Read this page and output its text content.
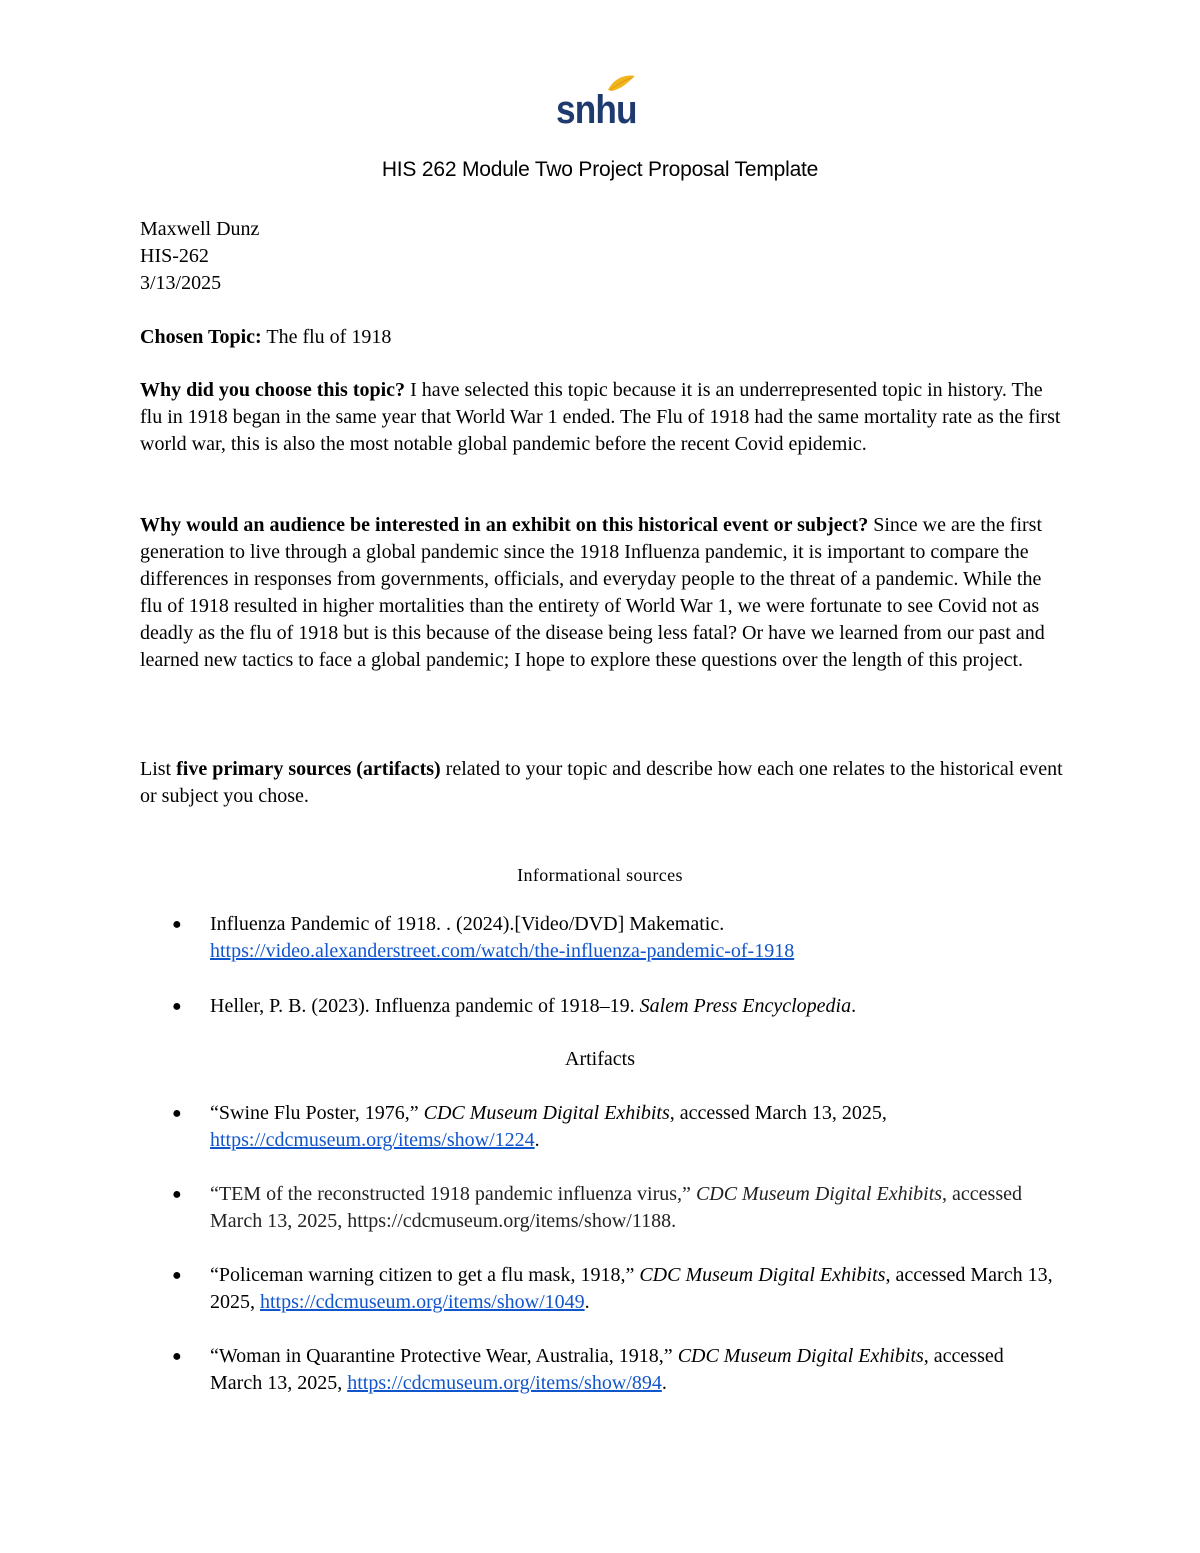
snhu
HIS 262 Module Two Project Proposal Template
Maxwell Dunz
HIS-262
3/13/2025
Chosen Topic: The flu of 1918
Why did you choose this topic? I have selected this topic because it is an underrepresented topic in history. The flu in 1918 began in the same year that World War 1 ended. The Flu of 1918 had the same mortality rate as the first world war, this is also the most notable global pandemic before the recent Covid epidemic.
Why would an audience be interested in an exhibit on this historical event or subject? Since we are the first generation to live through a global pandemic since the 1918 Influenza pandemic, it is important to compare the differences in responses from governments, officials, and everyday people to the threat of a pandemic. While the flu of 1918 resulted in higher mortalities than the entirety of World War 1, we were fortunate to see Covid not as deadly as the flu of 1918 but is this because of the disease being less fatal? Or have we learned from our past and learned new tactics to face a global pandemic; I hope to explore these questions over the length of this project.
List five primary sources (artifacts) related to your topic and describe how each one relates to the historical event or subject you chose.
Informational sources
● Influenza Pandemic of 1918. . (2024).[Video/DVD] Makematic.
https://video.alexanderstreet.com/watch/the-influenza-pandemic-of-1918
● Heller, P. B. (2023). Influenza pandemic of 1918–19. Salem Press Encyclopedia.
Artifacts
● “Swine Flu Poster, 1976,” CDC Museum Digital Exhibits, accessed March 13, 2025, https://cdcmuseum.org/items/show/1224.
● “TEM of the reconstructed 1918 pandemic influenza virus,” CDC Museum Digital Exhibits, accessed March 13, 2025, https://cdcmuseum.org/items/show/1188.
● “Policeman warning citizen to get a flu mask, 1918,” CDC Museum Digital Exhibits, accessed March 13, 2025, https://cdcmuseum.org/items/show/1049.
● “Woman in Quarantine Protective Wear, Australia, 1918,” CDC Museum Digital Exhibits, accessed March 13, 2025, https://cdcmuseum.org/items/show/894.
